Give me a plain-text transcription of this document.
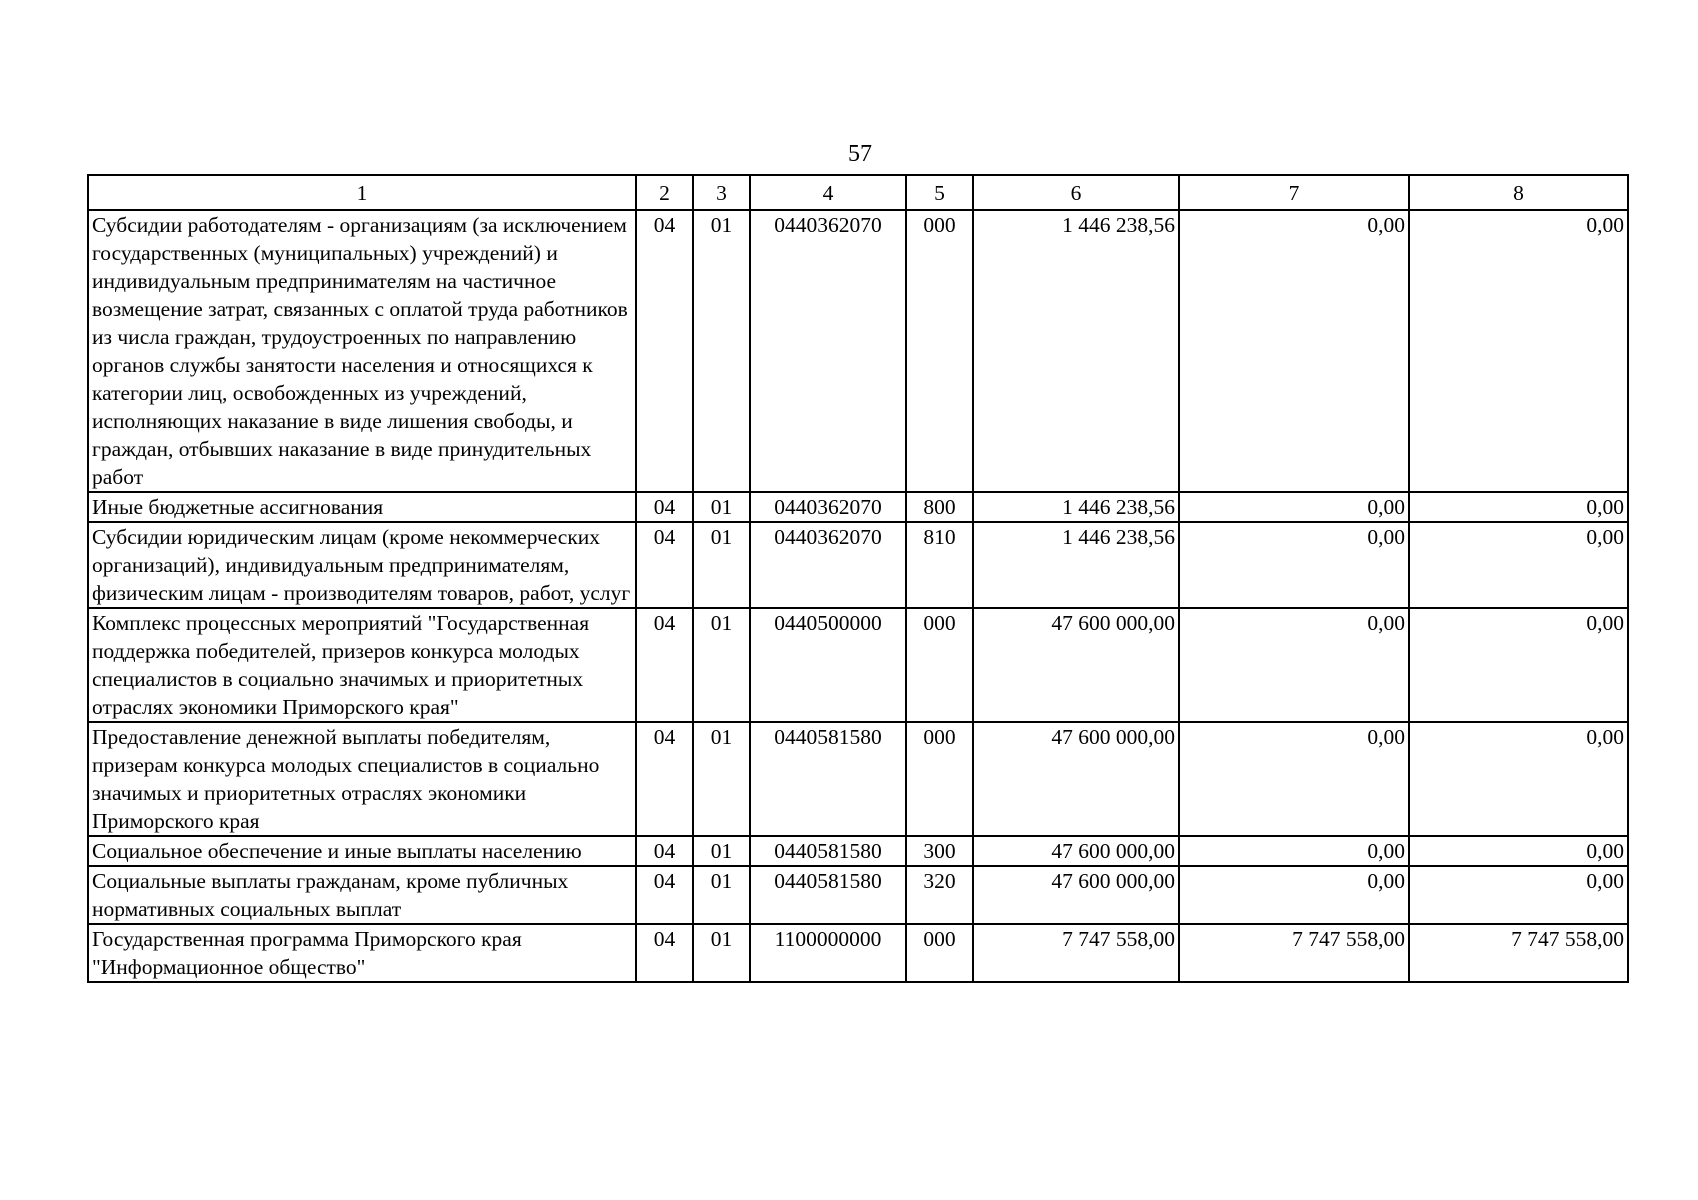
57
1	2	3	4	5	6	7	8
Субсидии работодателям - организациям (за исключением государственных (муниципальных) учреждений) и индивидуальным предпринимателям на частичное возмещение затрат, связанных с оплатой труда работников из числа граждан, трудоустроенных по направлению органов службы занятости населения и относящихся к категории лиц, освобожденных из учреждений, исполняющих наказание в виде лишения свободы, и граждан, отбывших наказание в виде принудительных работ	04	01	0440362070	000	1 446 238,56	0,00	0,00
Иные бюджетные ассигнования	04	01	0440362070	800	1 446 238,56	0,00	0,00
Субсидии юридическим лицам (кроме некоммерческих организаций), индивидуальным предпринимателям, физическим лицам - производителям товаров, работ, услуг	04	01	0440362070	810	1 446 238,56	0,00	0,00
Комплекс процессных мероприятий "Государственная поддержка победителей, призеров конкурса молодых специалистов в социально значимых и приоритетных отраслях экономики Приморского края"	04	01	0440500000	000	47 600 000,00	0,00	0,00
Предоставление денежной выплаты победителям, призерам конкурса молодых специалистов в социально значимых и приоритетных отраслях экономики Приморского края	04	01	0440581580	000	47 600 000,00	0,00	0,00
Социальное обеспечение и иные выплаты населению	04	01	0440581580	300	47 600 000,00	0,00	0,00
Социальные выплаты гражданам, кроме публичных нормативных социальных выплат	04	01	0440581580	320	47 600 000,00	0,00	0,00
Государственная программа Приморского края "Информационное общество"	04	01	1100000000	000	7 747 558,00	7 747 558,00	7 747 558,00
